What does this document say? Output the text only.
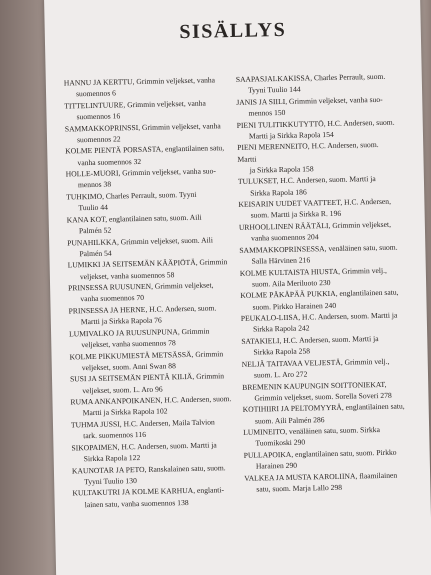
SISÄLLYS
HANNU JA KERTTU, Grimmin veljekset, vanha
suomennos 6
TITTELINTUURE, Grimmin veljekset, vanha
suomennos 16
SAMMAKKOPRINSSI, Grimmin veljekset, vanha
suomennos 22
KOLME PIENTÄ PORSASTA, englantilainen satu,
vanha suomennos 32
HOLLE-MUORI, Grimmin veljekset, vanha suo-
mennos 38
TUHKIMO, Charles Perrault, suom. Tyyni
Tuulio 44
KANA KOT, englantilainen satu, suom. Aili
Palmén 52
PUNAHILKKA, Grimmin veljekset, suom. Aili
Palmén 54
LUMIKKI JA SEITSEMÄN KÄÄPIÖTÄ, Grimmin
veljekset, vanha suomennos 58
PRINSESSA RUUSUNEN, Grimmin veljekset,
vanha suomennos 70
PRINSESSA JA HERNE, H.C. Andersen, suom.
Martti ja Sirkka Rapola 76
LUMIVALKO JA RUUSUNPUNA, Grimmin
veljekset, vanha suomennos 78
KOLME PIKKUMIESTÄ METSÄSSÄ, Grimmin
veljekset, suom. Anni Swan 88
SUSI JA SEITSEMÄN PIENTÄ KILIÄ, Grimmin
veljekset, suom. L. Aro 96
RUMA ANKANPOIKANEN, H.C. Andersen, suom.
Martti ja Sirkka Rapola 102
TUHMA JUSSI, H.C. Andersen, Maila Talvion
tark. suomennos 116
SIKOPAIMEN, H.C. Andersen, suom. Martti ja
Sirkka Rapola 122
KAUNOTAR JA PETO, Ranskalainen satu, suom.
Tyyni Tuulio 130
KULTAKUTRI JA KOLME KARHUA, englanti-
lainen satu, vanha suomennos 138
SAAPASJALKAKISSA, Charles Perrault, suom.
Tyyni Tuulio 144
JANIS JA SIILI, Grimmin veljekset, vanha suo-
mennos 150
PIENI TULITIKKUTYTTÖ, H.C. Andersen, suom.
Martti ja Sirkka Rapola 154
PIENI MERENNEITO, H.C. Andersen, suom. Martti
ja Sirkka Rapola 158
TULUKSET, H.C. Andersen, suom. Martti ja
Sirkka Rapola 186
KEISARIN UUDET VAATTEET, H.C. Andersen,
suom. Martti ja Sirkka R. 196
URHOOLLINEN RÄÄTÄLI, Grimmin veljekset,
vanha suomennos 204
SAMMAKKOPRINSESSA, venäläinen satu, suom.
Salla Härvinen 216
KOLME KULTAISTA HIUSTA, Grimmin velj.,
suom. Aila Meriluoto 230
KOLME PÄKÄPÄÄ PUKKIA, englantilainen satu,
suom. Pirkko Harainen 240
PEUKALO-LIISA, H.C. Andersen, suom. Martti ja
Sirkka Rapola 242
SATAKIELI, H.C. Andersen, suom. Martti ja
Sirkka Rapola 258
NELJÄ TAITAVAA VELJESTÄ, Grimmin velj.,
suom. L. Aro 272
BREMENIN KAUPUNGIN SOITTONIEKAT,
Grimmin veljekset, suom. Sorella Soveri 278
KOTIHIIRI JA PELTOMYYRÄ, englantilainen satu,
suom. Aili Palmén 286
LUMINEITO, venäläinen satu, suom. Sirkka
Tuomikoski 290
PULLAPOIKA, englantilainen satu, suom. Pirkko
Harainen 290
VALKEA JA MUSTA KAROLIINA, flaamilainen
satu, suom. Marja Lallo 298
